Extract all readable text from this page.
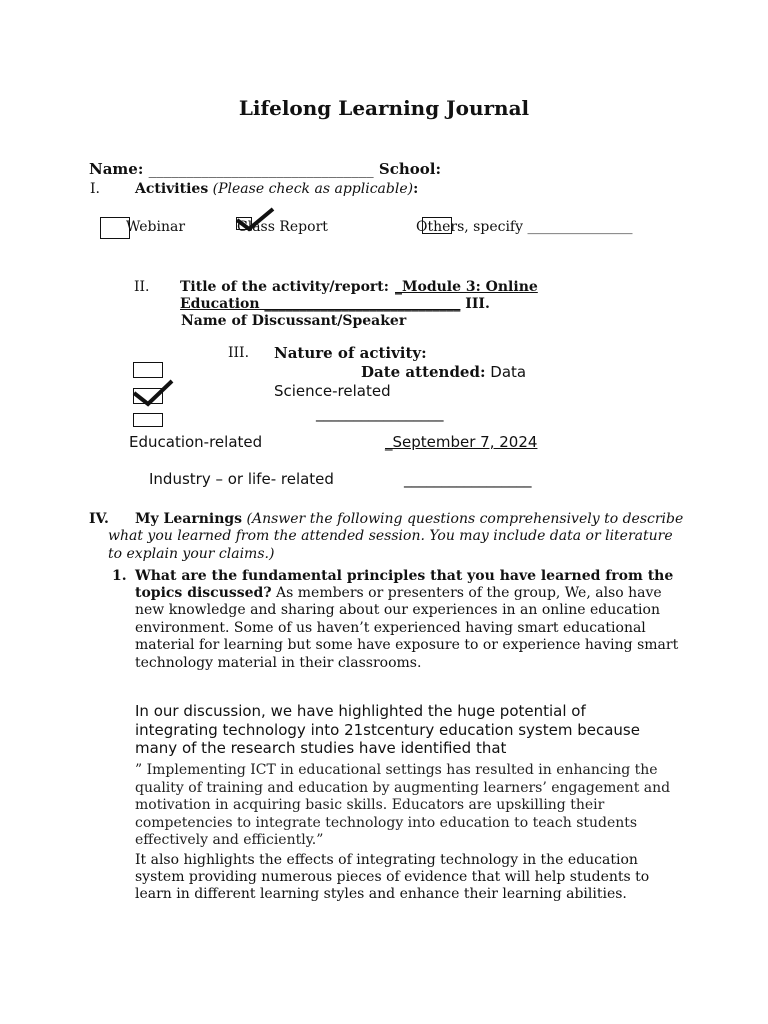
Lifelong Learning Journal
Name: ______________________________ School:
I.	Activities (Please check as applicable):
Webinar	Class Report	Others, specify _______________
II. Title of the activity/report: _Module 3: Online
Education ____________________________ III.
Name of Discussant/Speaker
III. Nature of activity:
Date attended: Data
Science-related
_________________
Education-related	_September 7, 2024
Industry – or life- related	_________________
IV. My Learnings (Answer the following questions comprehensively to describe
what you learned from the attended session. You may include data or literature
to explain your claims.)
1. What are the fundamental principles that you have learned from the
topics discussed? As members or presenters of the group, We, also have
new knowledge and sharing about our experiences in an online education
environment. Some of us haven’t experienced having smart educational
material for learning but some have exposure to or experience having smart
technology material in their classrooms.
In our discussion, we have highlighted the huge potential of
integrating technology into 21stcentury education system because
many of the research studies have identified that
” Implementing ICT in educational settings has resulted in enhancing the
quality of training and education by augmenting learners’ engagement and
motivation in acquiring basic skills. Educators are upskilling their
competencies to integrate technology into education to teach students
effectively and efficiently.”
It also highlights the effects of integrating technology in the education
system providing numerous pieces of evidence that will help students to
learn in different learning styles and enhance their learning abilities.
